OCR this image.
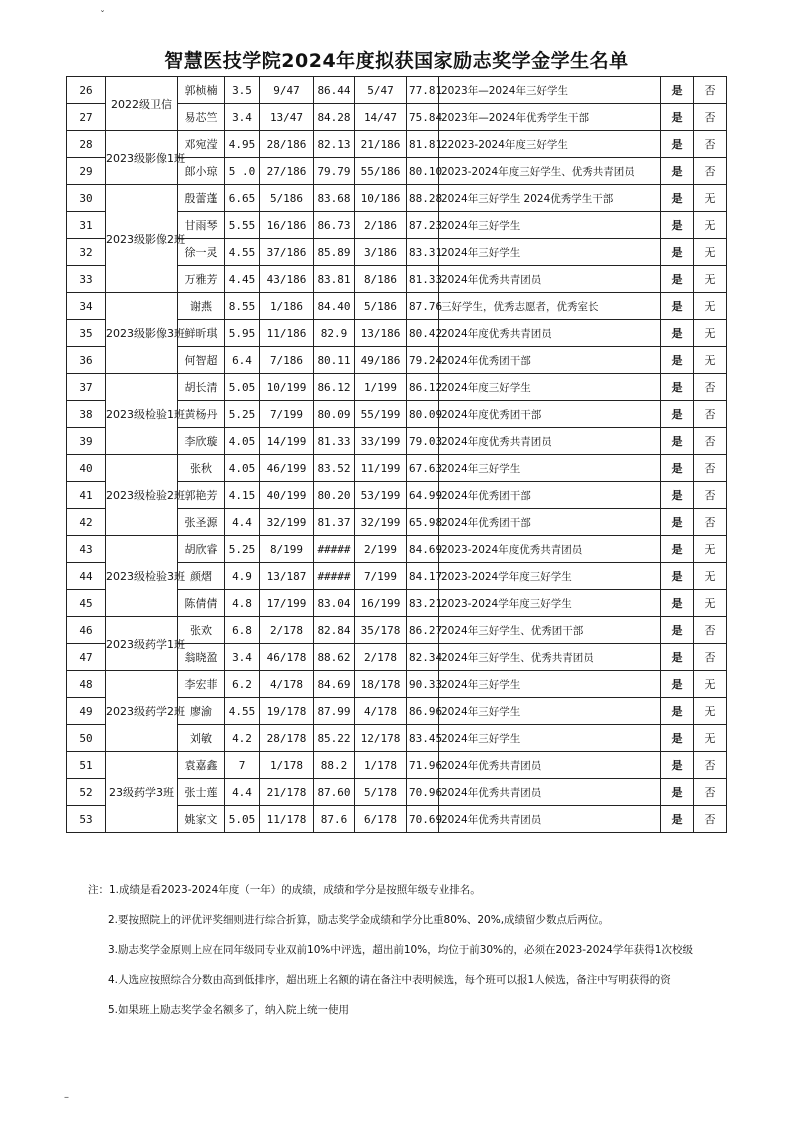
ˇ
智慧医技学院2024年度拟获国家励志奖学金学生名单
26	2022级卫信	郭桢楠	3.5	9/47	86.44	5/47	77.81	2023年—2024年三好学生	是	否
27		易芯竺	3.4	13/47	84.28	14/47	75.84	2023年—2024年优秀学生干部	是	否
28	2023级影像1班	邓宛滢	4.95	28/186	82.13	21/186	81.81	22023-2024年度三好学生	是	否
29		郎小琼	5 .0	27/186	79.79	55/186	80.10	2023-2024年度三好学生、优秀共青团员	是	否
30	2023级影像2班	殷蕾蓬	6.65	5/186	83.68	10/186	88.28	2024年三好学生 2024优秀学生干部	是	无
31		甘雨琴	5.55	16/186	86.73	2/186	87.23	2024年三好学生	是	无
32		徐一灵	4.55	37/186	85.89	3/186	83.31	2024年三好学生	是	无
33		万雅芳	4.45	43/186	83.81	8/186	81.33	2024年优秀共青团员	是	无
34	2023级影像3班	谢燕	8.55	1/186	84.40	5/186	87.76	三好学生，优秀志愿者，优秀室长	是	无
35		鲜昕琪	5.95	11/186	82.9	13/186	80.42	2024年度优秀共青团员	是	无
36		何智超	6.4	7/186	80.11	49/186	79.24	2024年优秀团干部	是	无
37	2023级检验1班	胡长清	5.05	10/199	86.12	1/199	86.12	2024年度三好学生	是	否
38		黄杨丹	5.25	7/199	80.09	55/199	80.09	2024年度优秀团干部	是	否
39		李欣璇	4.05	14/199	81.33	33/199	79.03	2024年度优秀共青团员	是	否
40	2023级检验2班	张秋	4.05	46/199	83.52	11/199	67.63	2024年三好学生	是	否
41		郭艳芳	4.15	40/199	80.20	53/199	64.99	2024年优秀团干部	是	否
42		张圣源	4.4	32/199	81.37	32/199	65.98	2024年优秀团干部	是	否
43	2023级检验3班	胡欣睿	5.25	8/199	#####	2/199	84.69	2023-2024年度优秀共青团员	是	无
44		颜熠	4.9	13/187	#####	7/199	84.17	2023-2024学年度三好学生	是	无
45		陈倩倩	4.8	17/199	83.04	16/199	83.21	2023-2024学年度三好学生	是	无
46	2023级药学1班	张欢	6.8	2/178	82.84	35/178	86.27	2024年三好学生、优秀团干部	是	否
47		翁晓盈	3.4	46/178	88.62	2/178	82.34	2024年三好学生、优秀共青团员	是	否
48	2023级药学2班	李宏菲	6.2	4/178	84.69	18/178	90.33	2024年三好学生	是	无
49		廖渝	4.55	19/178	87.99	4/178	86.96	2024年三好学生	是	无
50		刘敏	4.2	28/178	85.22	12/178	83.45	2024年三好学生	是	无
51	23级药学3班	袁嘉鑫	7	1/178	88.2	1/178	71.96	2024年优秀共青团员	是	否
52		张士莲	4.4	21/178	87.60	5/178	70.96	2024年优秀共青团员	是	否
53		姚家文	5.05	11/178	87.6	6/178	70.69	2024年优秀共青团员	是	否

注：1.成绩是看2023-2024年度（一年）的成绩，成绩和学分是按照年级专业排名。

2.要按照院上的评优评奖细则进行综合折算，励志奖学金成绩和学分比重80%、20%,成绩留少数点后两位。

3.励志奖学金原则上应在同年级同专业双前10%中评选，超出前10%，均位于前30%的，必须在2023-2024学年获得1次校级

4.人选应按照综合分数由高到低排序，超出班上名额的请在备注中表明候选，每个班可以报1人候选，备注中写明获得的资

5.如果班上励志奖学金名额多了，纳入院上统一使用

–
